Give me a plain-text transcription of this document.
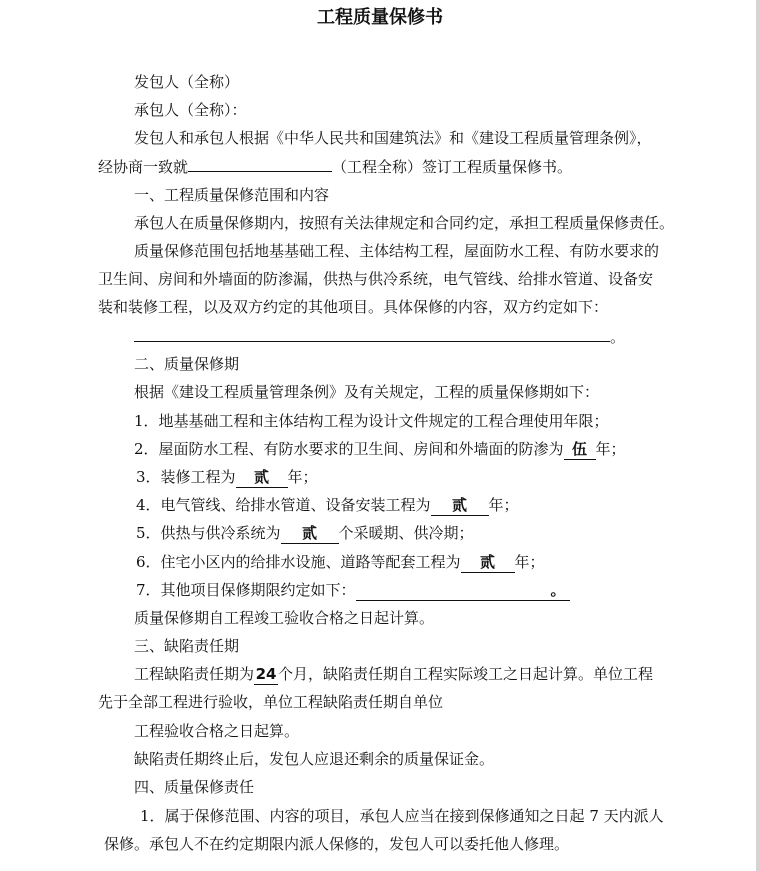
工程质量保修书
发包人（全称）
承包人（全称）：
发包人和承包人根据《中华人民共和国建筑法》和《建设工程质量管理条例》，
经协商一致就	（工程全称）签订工程质量保修书。
一、工程质量保修范围和内容
承包人在质量保修期内，按照有关法律规定和合同约定，承担工程质量保修责任。
质量保修范围包括地基基础工程、主体结构工程，屋面防水工程、有防水要求的
卫生间、房间和外墙面的防渗漏，供热与供冷系统，电气管线、给排水管道、设备安
装和装修工程，以及双方约定的其他项目。具体保修的内容，双方约定如下：
。
二、质量保修期
根据《建设工程质量管理条例》及有关规定，工程的质量保修期如下：
1．地基基础工程和主体结构工程为设计文件规定的工程合理使用年限；
2．屋面防水工程、有防水要求的卫生间、房间和外墙面的防渗为 伍 年；
3．装修工程为 贰 年；
4．电气管线、给排水管道、设备安装工程为 贰 年；
5．供热与供冷系统为 贰 个采暖期、供冷期；
6．住宅小区内的给排水设施、道路等配套工程为 贰 年；
7．其他项目保修期限约定如下：	。
质量保修期自工程竣工验收合格之日起计算。
三、缺陷责任期
工程缺陷责任期为 24 个月，缺陷责任期自工程实际竣工之日起计算。单位工程
先于全部工程进行验收，单位工程缺陷责任期自单位
工程验收合格之日起算。
缺陷责任期终止后，发包人应退还剩余的质量保证金。
四、质量保修责任
1．属于保修范围、内容的项目，承包人应当在接到保修通知之日起 7 天内派人
保修。承包人不在约定期限内派人保修的，发包人可以委托他人修理。
